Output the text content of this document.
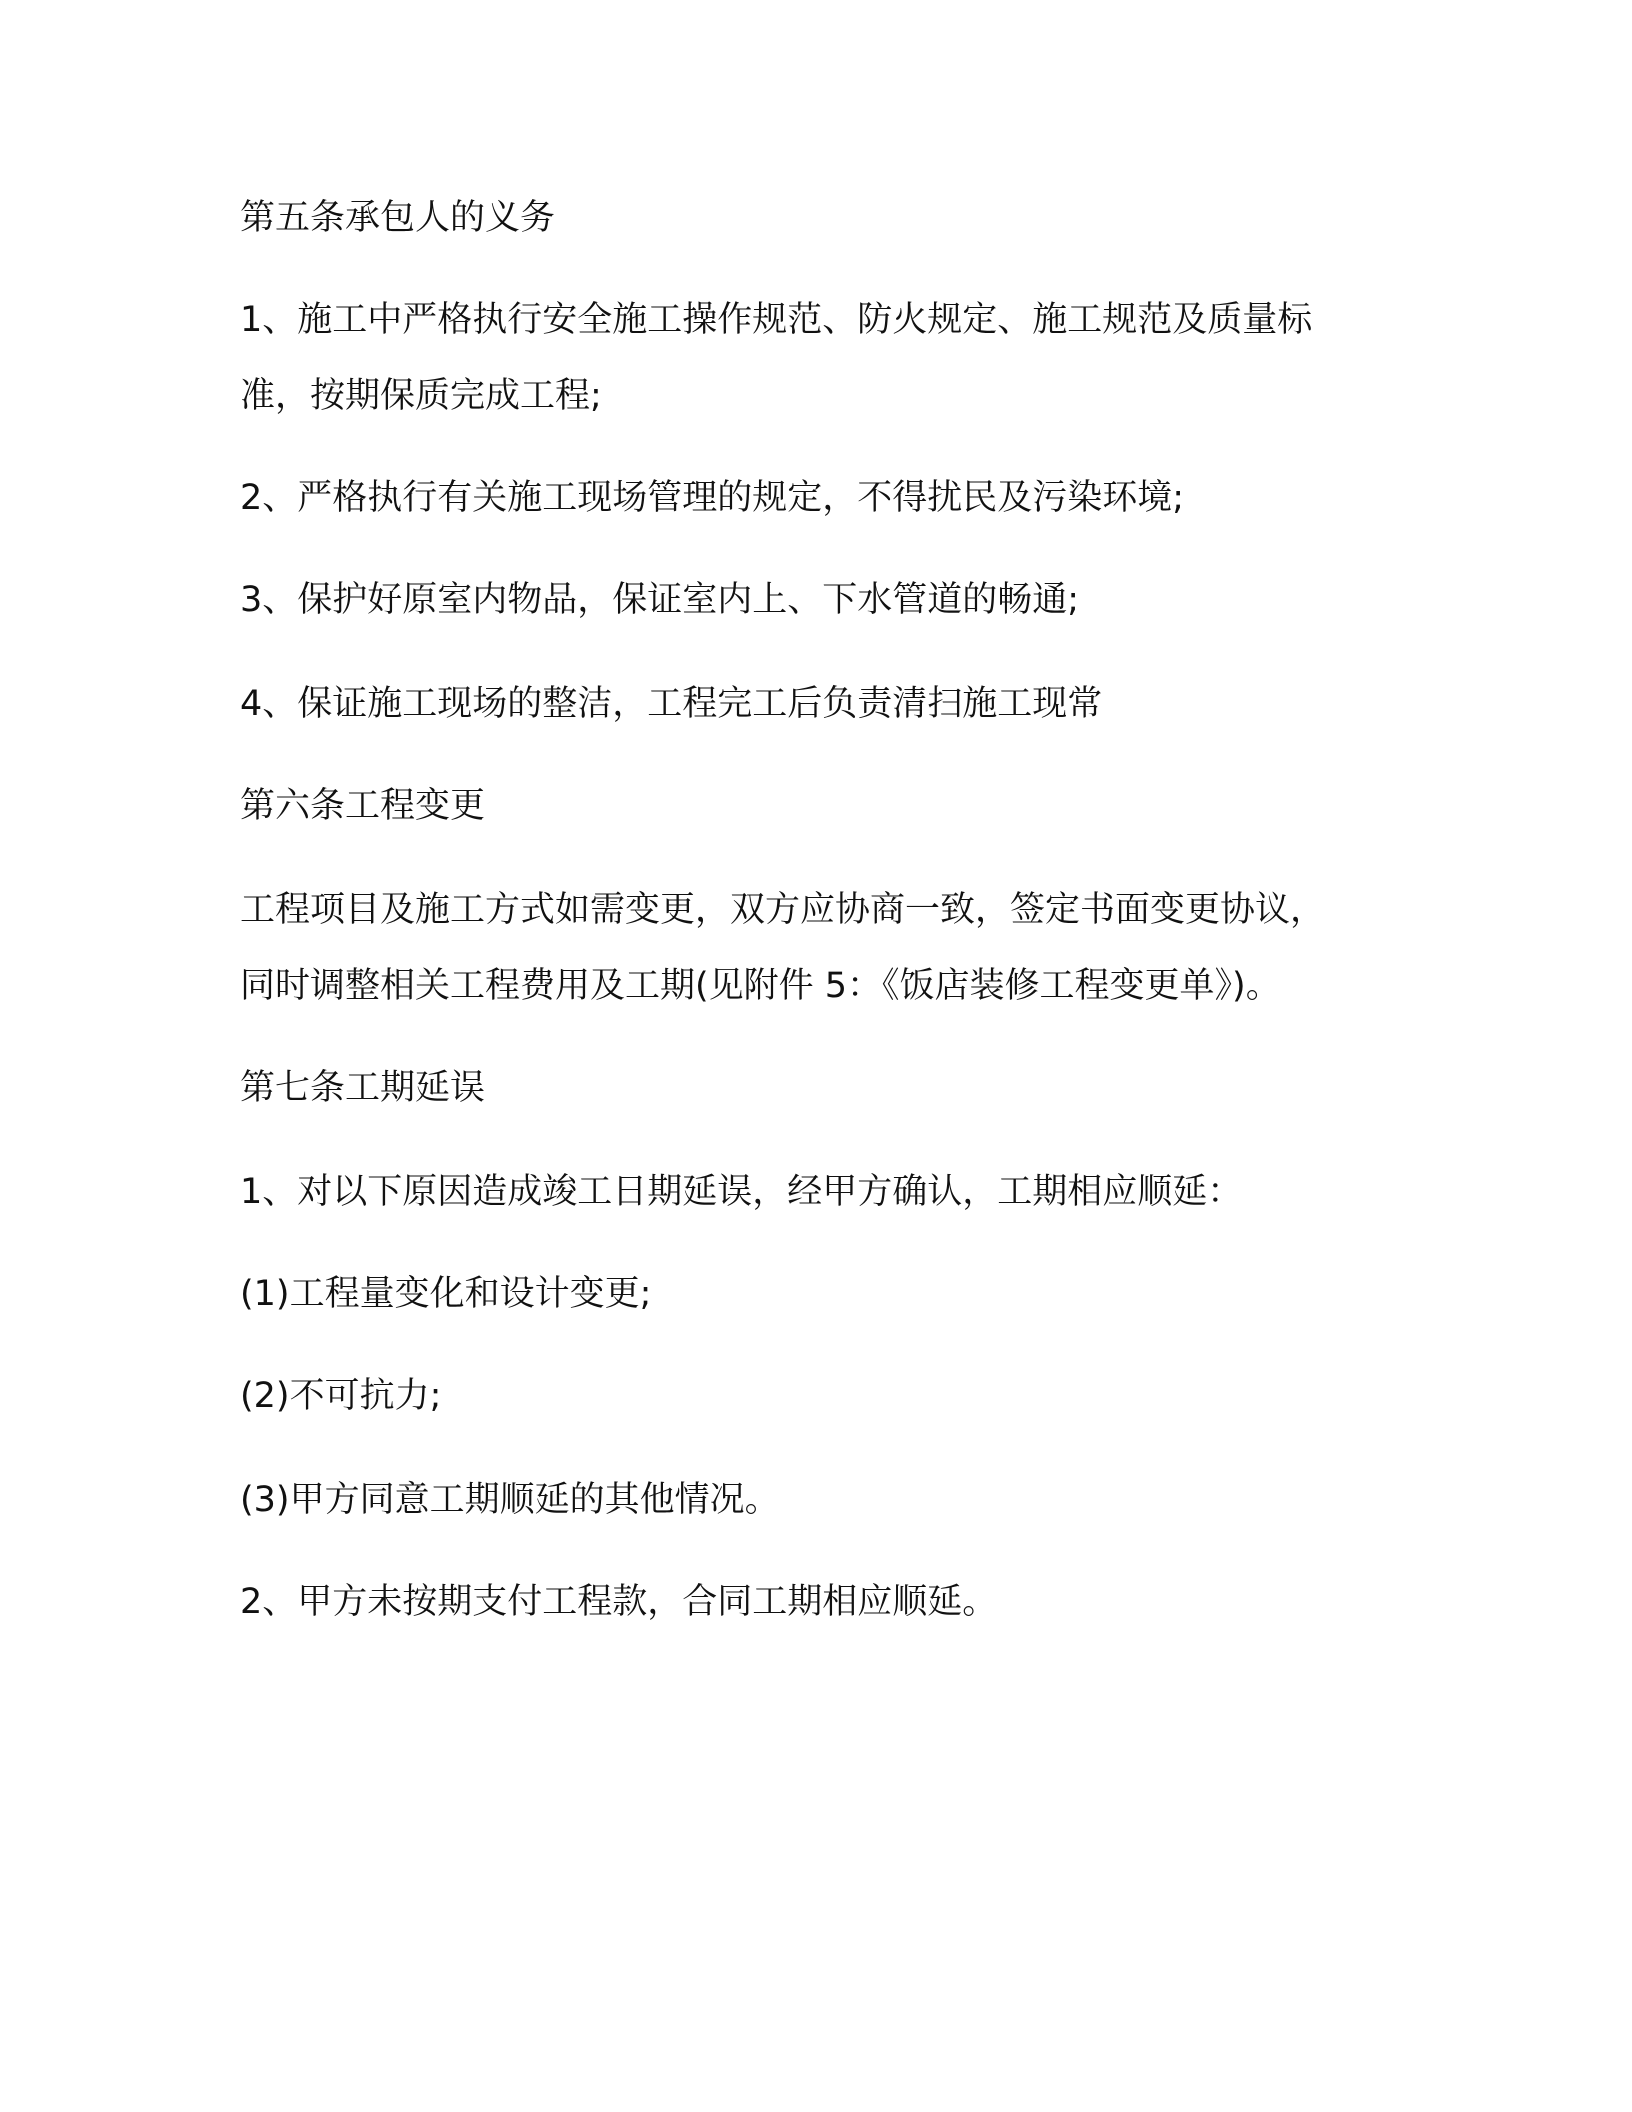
第五条承包人的义务

1、施工中严格执行安全施工操作规范、防火规定、施工规范及质量标

准，按期保质完成工程;

2、严格执行有关施工现场管理的规定，不得扰民及污染环境;

3、保护好原室内物品，保证室内上、下水管道的畅通;

4、保证施工现场的整洁，工程完工后负责清扫施工现常

第六条工程变更

工程项目及施工方式如需变更，双方应协商一致，签定书面变更协议，

同时调整相关工程费用及工期(见附件 5：《饭店装修工程变更单》)。

第七条工期延误

1、对以下原因造成竣工日期延误，经甲方确认，工期相应顺延：

(1)工程量变化和设计变更;

(2)不可抗力;

(3)甲方同意工期顺延的其他情况。

2、甲方未按期支付工程款，合同工期相应顺延。
